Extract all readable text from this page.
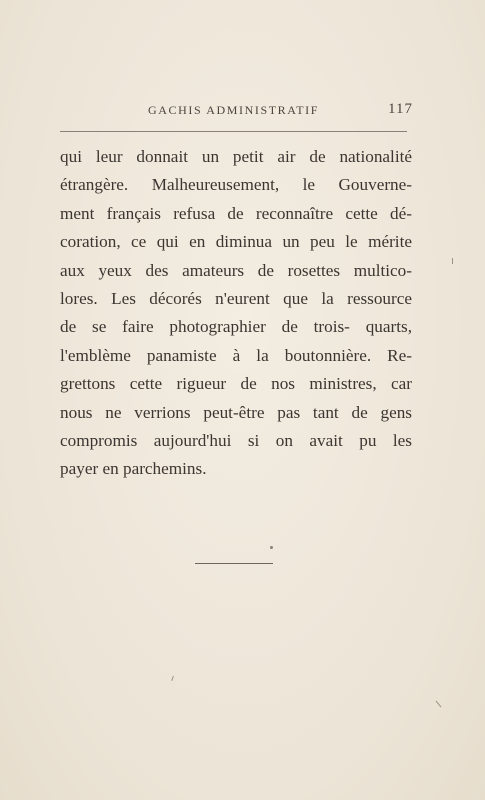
GACHIS ADMINISTRATIF	117
qui leur donnait un petit air de nationalité
étrangère. Malheureusement, le Gouverne-
ment français refusa de reconnaître cette dé-
coration, ce qui en diminua un peu le mérite
aux yeux des amateurs de rosettes multico-
lores. Les décorés n'eurent que la ressource
de se faire photographier de trois- quarts,
l'emblème panamiste à la boutonnière. Re-
grettons cette rigueur de nos ministres, car
nous ne verrions peut-être pas tant de gens
compromis aujourd'hui si on avait pu les
payer en parchemins.
